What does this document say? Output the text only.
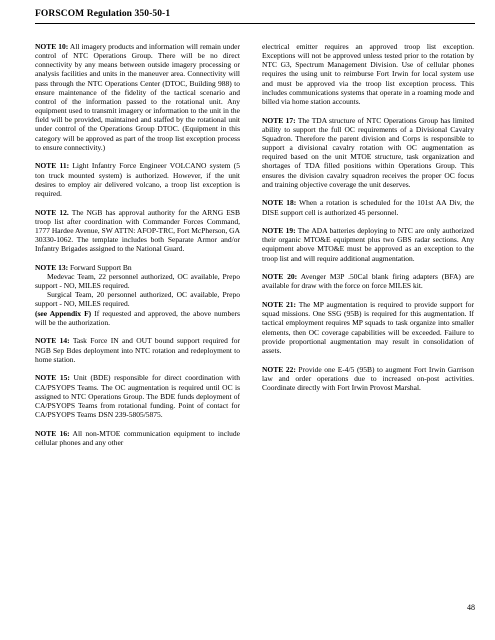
FORSCOM Regulation 350-50-1

NOTE 10: All imagery products and information will remain under control of NTC Operations Group. There will be no direct connectivity by any means between outside imagery processing or analysis facilities and units in the maneuver area. Connectivity will pass through the NTC Operations Center (DTOC, Building 988) to ensure maintenance of the fidelity of the tactical scenario and control of the information passed to the rotational unit. Any equipment used to transmit imagery or information to the unit in the field will be provided, maintained and staffed by the rotational unit under control of the Operations Group DTOC. (Equipment in this category will be approved as part of the troop list exception process to ensure connectivity.)

NOTE 11: Light Infantry Force Engineer VOLCANO system (5 ton truck mounted system) is authorized. However, if the unit desires to employ air delivered volcano, a troop list exception is required.

NOTE 12. The NGB has approval authority for the ARNG ESB troop list after coordination with Commander Forces Command, 1777 Hardee Avenue, SW ATTN: AFOP-TRC, Fort McPherson, GA 30330-1062. The template includes both Separate Armor and/or Infantry Brigades assigned to the National Guard.

NOTE 13: Forward Support Bn

Medevac Team, 22 personnel authorized, OC available, Prepo support - NO, MILES required.

Surgical Team, 20 personnel authorized, OC available, Prepo support - NO, MILES required.

(see Appendix F) If requested and approved, the above numbers will be the authorization.

NOTE 14: Task Force IN and OUT bound support required for NGB Sep Bdes deployment into NTC rotation and redeployment to home station.

NOTE 15: Unit (BDE) responsible for direct coordination with CA/PSYOPS Teams. The OC augmentation is required until OC is assigned to NTC Operations Group. The BDE funds deployment of CA/PSYOPS Teams from rotational funding. Point of contact for CA/PSYOPS Teams DSN 239-5805/5875.

NOTE 16: All non-MTOE communication equipment to include cellular phones and any other

electrical emitter requires an approved troop list exception. Exceptions will not be approved unless tested prior to the rotation by NTC G3, Spectrum Management Division. Use of cellular phones requires the using unit to reimburse Fort Irwin for local system use and must be approved via the troop list exception process. This includes communications systems that operate in a roaming mode and billed via home station accounts.

NOTE 17: The TDA structure of NTC Operations Group has limited ability to support the full OC requirements of a Divisional Cavalry Squadron. Therefore the parent division and Corps is responsible to support a divisional cavalry rotation with OC augmentation as required based on the unit MTOE structure, task organization and shortages of TDA filled positions within Operations Group. This ensures the division cavalry squadron receives the proper OC focus and training objective coverage the unit deserves.

NOTE 18: When a rotation is scheduled for the 101st AA Div, the DISE support cell is authorized 45 personnel.

NOTE 19: The ADA batteries deploying to NTC are only authorized their organic MTO&E equipment plus two GBS radar sections. Any equipment above MTO&E must be approved as an exception to the troop list and will require additional augmentation.

NOTE 20: Avenger M3P .50Cal blank firing adapters (BFA) are available for draw with the force on force MILES kit.

NOTE 21: The MP augmentation is required to provide support for squad missions. One SSG (95B) is required for this augmentation. If tactical employment requires MP squads to task organize into smaller elements, then OC coverage capabilities will be exceeded. Failure to provide proportional augmentation may result in consolidation of assets.

NOTE 22: Provide one E-4/5 (95B) to augment Fort Irwin Garrison law and order operations due to increased on-post activities. Coordinate directly with Fort Irwin Provost Marshal.

48
